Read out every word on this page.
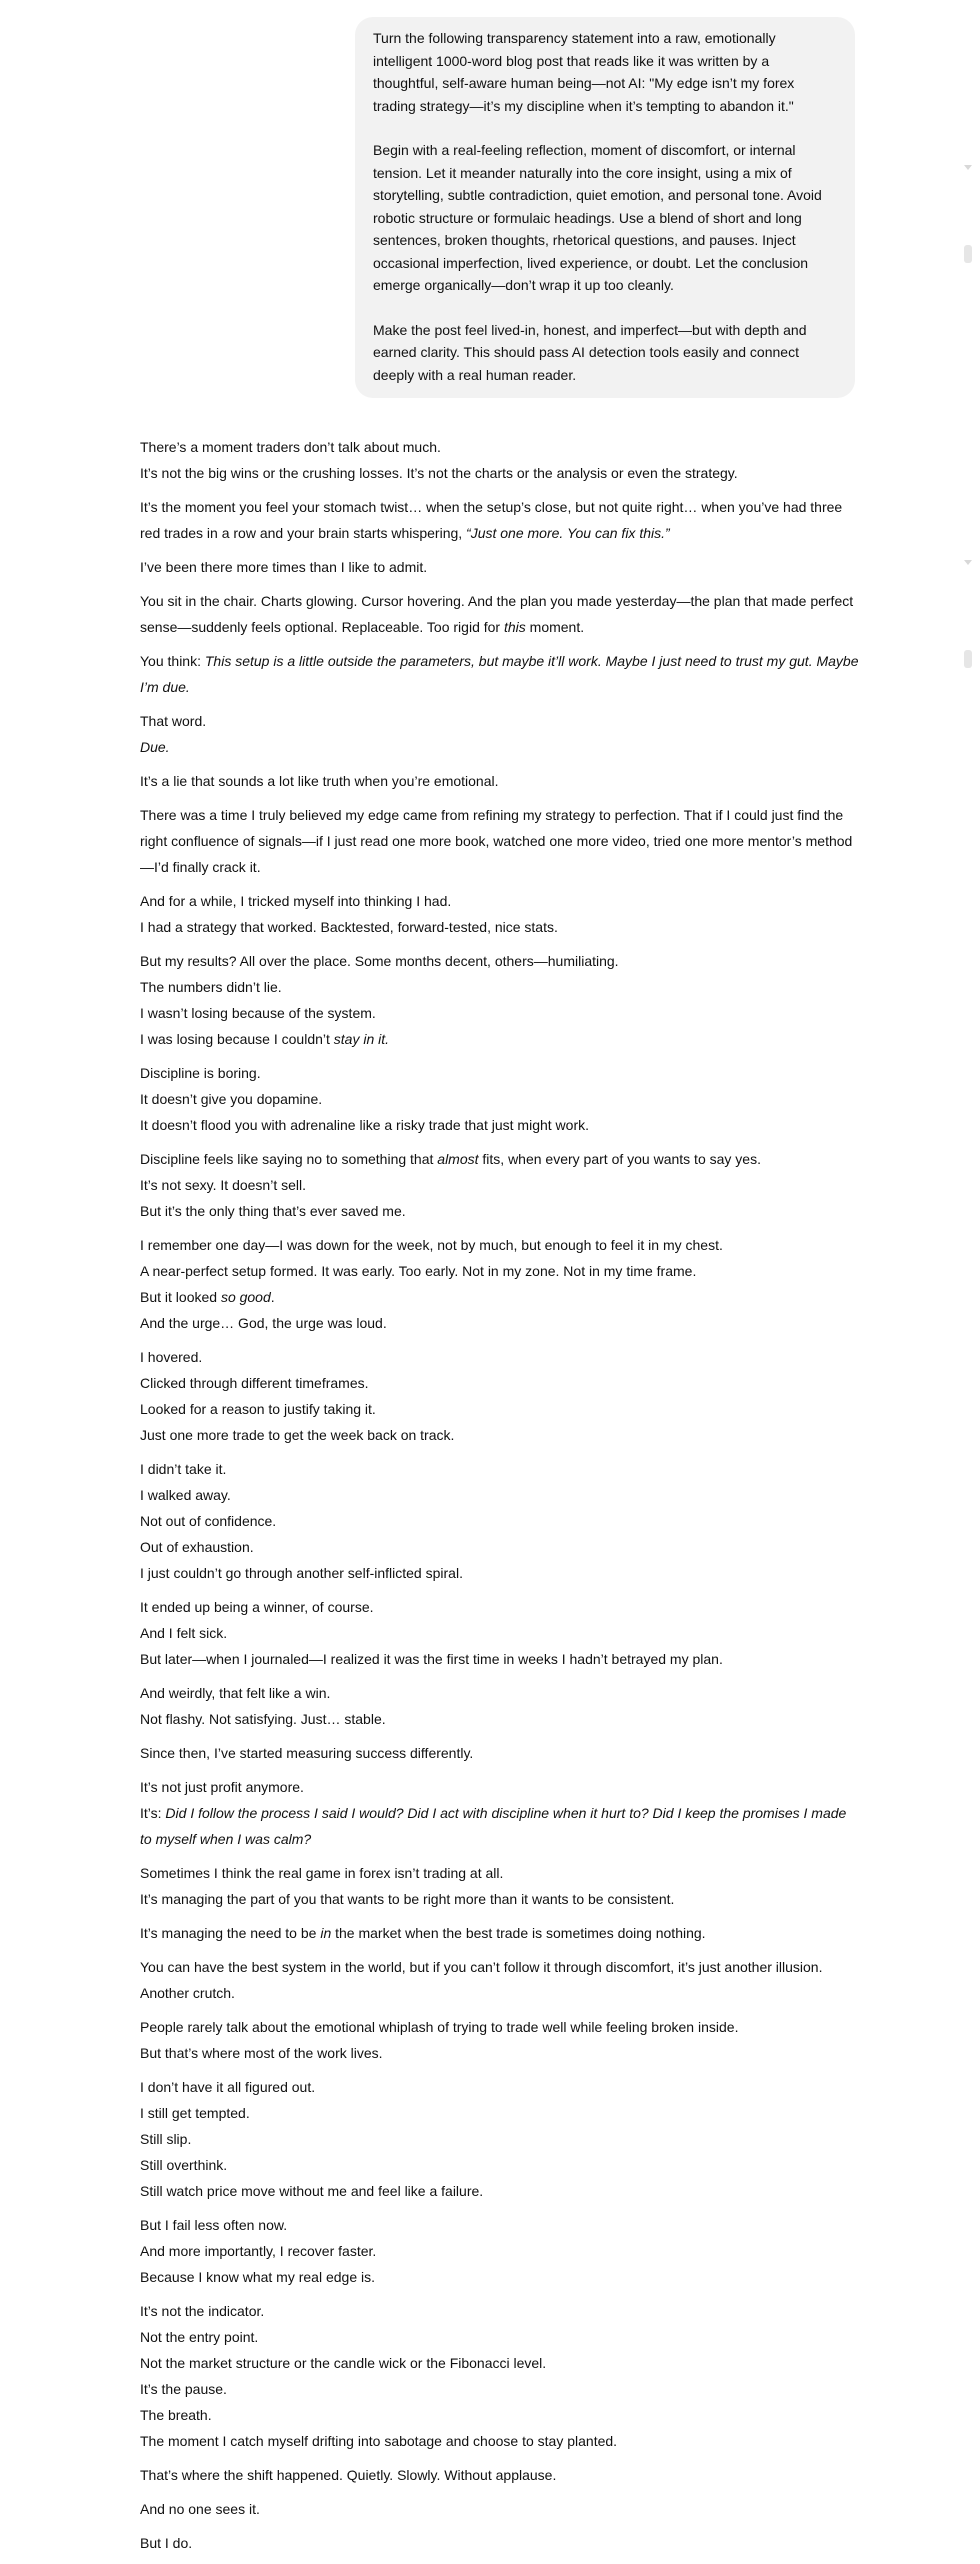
Turn the following transparency statement into a raw, emotionally intelligent 1000-word blog post that reads like it was written by a thoughtful, self-aware human being—not AI: "My edge isn’t my forex trading strategy—it’s my discipline when it’s tempting to abandon it."

Begin with a real-feeling reflection, moment of discomfort, or internal tension. Let it meander naturally into the core insight, using a mix of storytelling, subtle contradiction, quiet emotion, and personal tone. Avoid robotic structure or formulaic headings. Use a blend of short and long sentences, broken thoughts, rhetorical questions, and pauses. Inject occasional imperfection, lived experience, or doubt. Let the conclusion emerge organically—don’t wrap it up too cleanly.

Make the post feel lived-in, honest, and imperfect—but with depth and earned clarity. This should pass AI detection tools easily and connect deeply with a real human reader.

There’s a moment traders don’t talk about much.
It’s not the big wins or the crushing losses. It’s not the charts or the analysis or even the strategy.

It’s the moment you feel your stomach twist… when the setup’s close, but not quite right… when you’ve had three red trades in a row and your brain starts whispering, “Just one more. You can fix this.”

I’ve been there more times than I like to admit.

You sit in the chair. Charts glowing. Cursor hovering. And the plan you made yesterday—the plan that made perfect sense—suddenly feels optional. Replaceable. Too rigid for this moment.

You think: This setup is a little outside the parameters, but maybe it’ll work. Maybe I just need to trust my gut. Maybe I’m due.

That word.
Due.

It’s a lie that sounds a lot like truth when you’re emotional.

There was a time I truly believed my edge came from refining my strategy to perfection. That if I could just find the right confluence of signals—if I just read one more book, watched one more video, tried one more mentor’s method—I’d finally crack it.

And for a while, I tricked myself into thinking I had.
I had a strategy that worked. Backtested, forward-tested, nice stats.

But my results? All over the place. Some months decent, others—humiliating.
The numbers didn’t lie.
I wasn’t losing because of the system.
I was losing because I couldn’t stay in it.

Discipline is boring.
It doesn’t give you dopamine.
It doesn’t flood you with adrenaline like a risky trade that just might work.

Discipline feels like saying no to something that almost fits, when every part of you wants to say yes.
It’s not sexy. It doesn’t sell.
But it’s the only thing that’s ever saved me.

I remember one day—I was down for the week, not by much, but enough to feel it in my chest.
A near-perfect setup formed. It was early. Too early. Not in my zone. Not in my time frame.
But it looked so good.
And the urge… God, the urge was loud.

I hovered.
Clicked through different timeframes.
Looked for a reason to justify taking it.
Just one more trade to get the week back on track.

I didn’t take it.
I walked away.
Not out of confidence.
Out of exhaustion.
I just couldn’t go through another self-inflicted spiral.

It ended up being a winner, of course.
And I felt sick.
But later—when I journaled—I realized it was the first time in weeks I hadn’t betrayed my plan.

And weirdly, that felt like a win.
Not flashy. Not satisfying. Just… stable.

Since then, I’ve started measuring success differently.

It’s not just profit anymore.
It’s: Did I follow the process I said I would? Did I act with discipline when it hurt to? Did I keep the promises I made to myself when I was calm?

Sometimes I think the real game in forex isn’t trading at all.
It’s managing the part of you that wants to be right more than it wants to be consistent.

It’s managing the need to be in the market when the best trade is sometimes doing nothing.

You can have the best system in the world, but if you can’t follow it through discomfort, it’s just another illusion. Another crutch.

People rarely talk about the emotional whiplash of trying to trade well while feeling broken inside.
But that’s where most of the work lives.

I don’t have it all figured out.
I still get tempted.
Still slip.
Still overthink.
Still watch price move without me and feel like a failure.

But I fail less often now.
And more importantly, I recover faster.
Because I know what my real edge is.

It’s not the indicator.
Not the entry point.
Not the market structure or the candle wick or the Fibonacci level.
It’s the pause.
The breath.
The moment I catch myself drifting into sabotage and choose to stay planted.

That’s where the shift happened. Quietly. Slowly. Without applause.

And no one sees it.

But I do.
